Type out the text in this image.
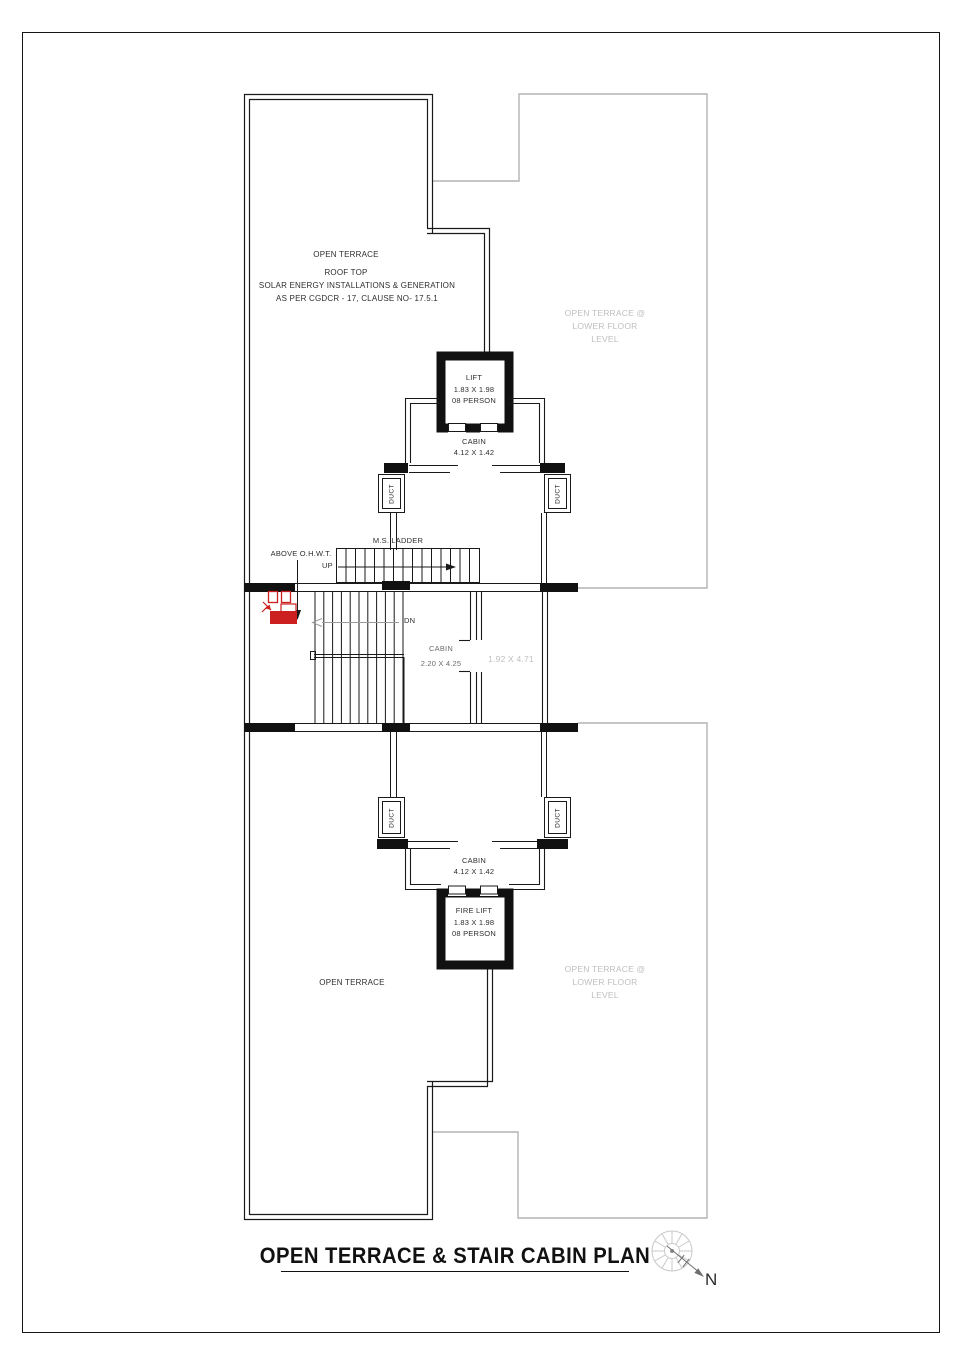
OPEN TERRACE
ROOF TOP
SOLAR ENERGY INSTALLATIONS & GENERATION
AS PER CGDCR - 17, CLAUSE NO- 17.5.1
OPEN TERRACE @
LOWER FLOOR
LEVEL
LIFT
1.83 X 1.98
08 PERSON
CABIN
4.12 X 1.42
DUCT	DUCT
M.S. LADDER
UP
ABOVE O.H.W.T.
DN
CABIN
2.20 X 4.25	1.92 X 4.71
DUCT	DUCT
CABIN
4.12 X 1.42
FIRE LIFT
1.83 X 1.98
08 PERSON
OPEN TERRACE @
LOWER FLOOR
LEVEL
OPEN TERRACE
OPEN TERRACE & STAIR CABIN PLAN
N
